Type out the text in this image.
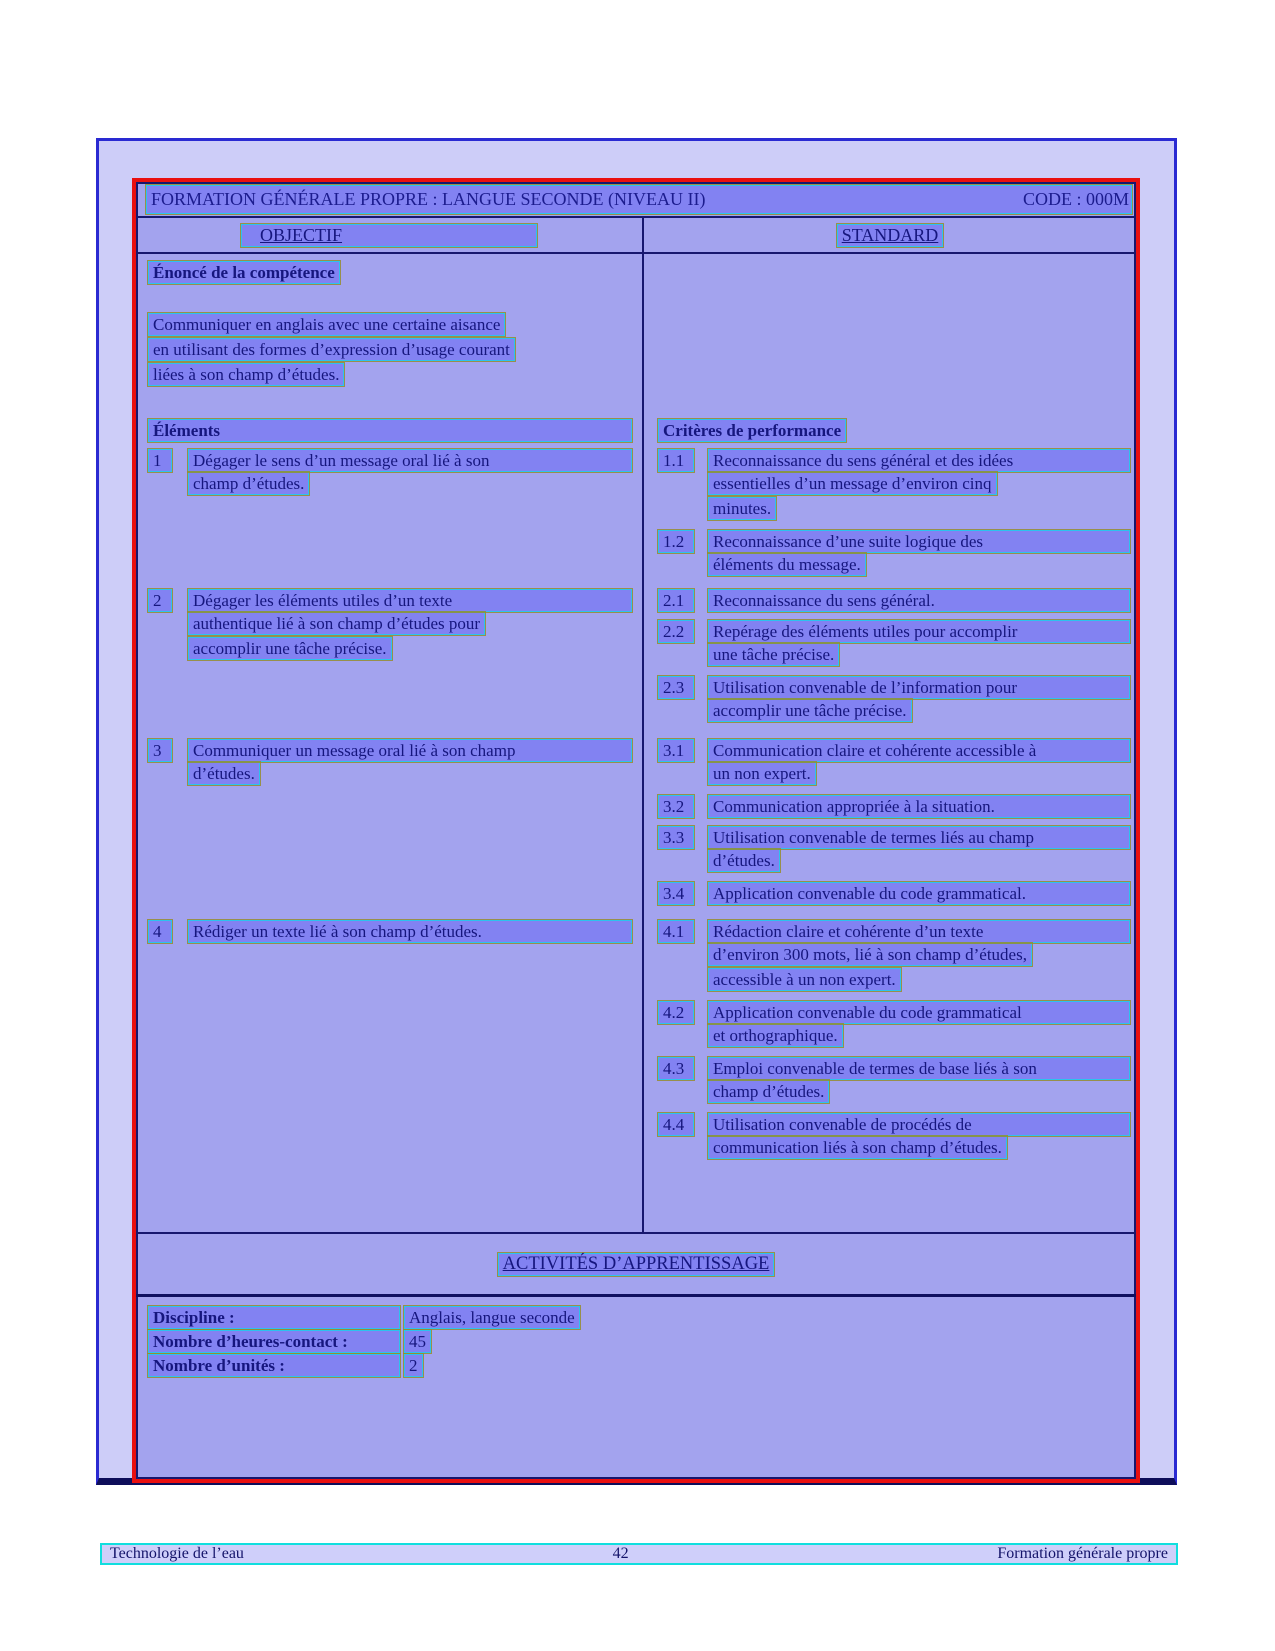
FORMATION GÉNÉRALE PROPRE : LANGUE SECONDE (NIVEAU II)	CODE : 000M
OBJECTIF	STANDARD
Énoncé de la compétence
Communiquer en anglais avec une certaine aisance
en utilisant des formes d’expression d’usage courant
liées à son champ d’études.
Éléments	Critères de performance
1	Dégager le sens d’un message oral lié à son
champ d’études.
1.1	Reconnaissance du sens général et des idées
essentielles d’un message d’environ cinq
minutes.
1.2	Reconnaissance d’une suite logique des
éléments du message.
2	Dégager les éléments utiles d’un texte
authentique lié à son champ d’études pour
accomplir une tâche précise.
2.1	Reconnaissance du sens général.
2.2	Repérage des éléments utiles pour accomplir
une tâche précise.
2.3	Utilisation convenable de l’information pour
accomplir une tâche précise.
3	Communiquer un message oral lié à son champ
d’études.
3.1	Communication claire et cohérente accessible à
un non expert.
3.2	Communication appropriée à la situation.
3.3	Utilisation convenable de termes liés au champ
d’études.
3.4	Application convenable du code grammatical.
4	Rédiger un texte lié à son champ d’études.	4.1	Rédaction claire et cohérente d’un texte
d’environ 300 mots, lié à son champ d’études,
accessible à un non expert.
4.2	Application convenable du code grammatical
et orthographique.
4.3	Emploi convenable de termes de base liés à son
champ d’études.
4.4	Utilisation convenable de procédés de
communication liés à son champ d’études.
ACTIVITÉS D’APPRENTISSAGE
Discipline :	Anglais, langue seconde
Nombre d’heures-contact :	45
Nombre d’unités :	2
Technologie de l’eau	42	Formation générale propre
